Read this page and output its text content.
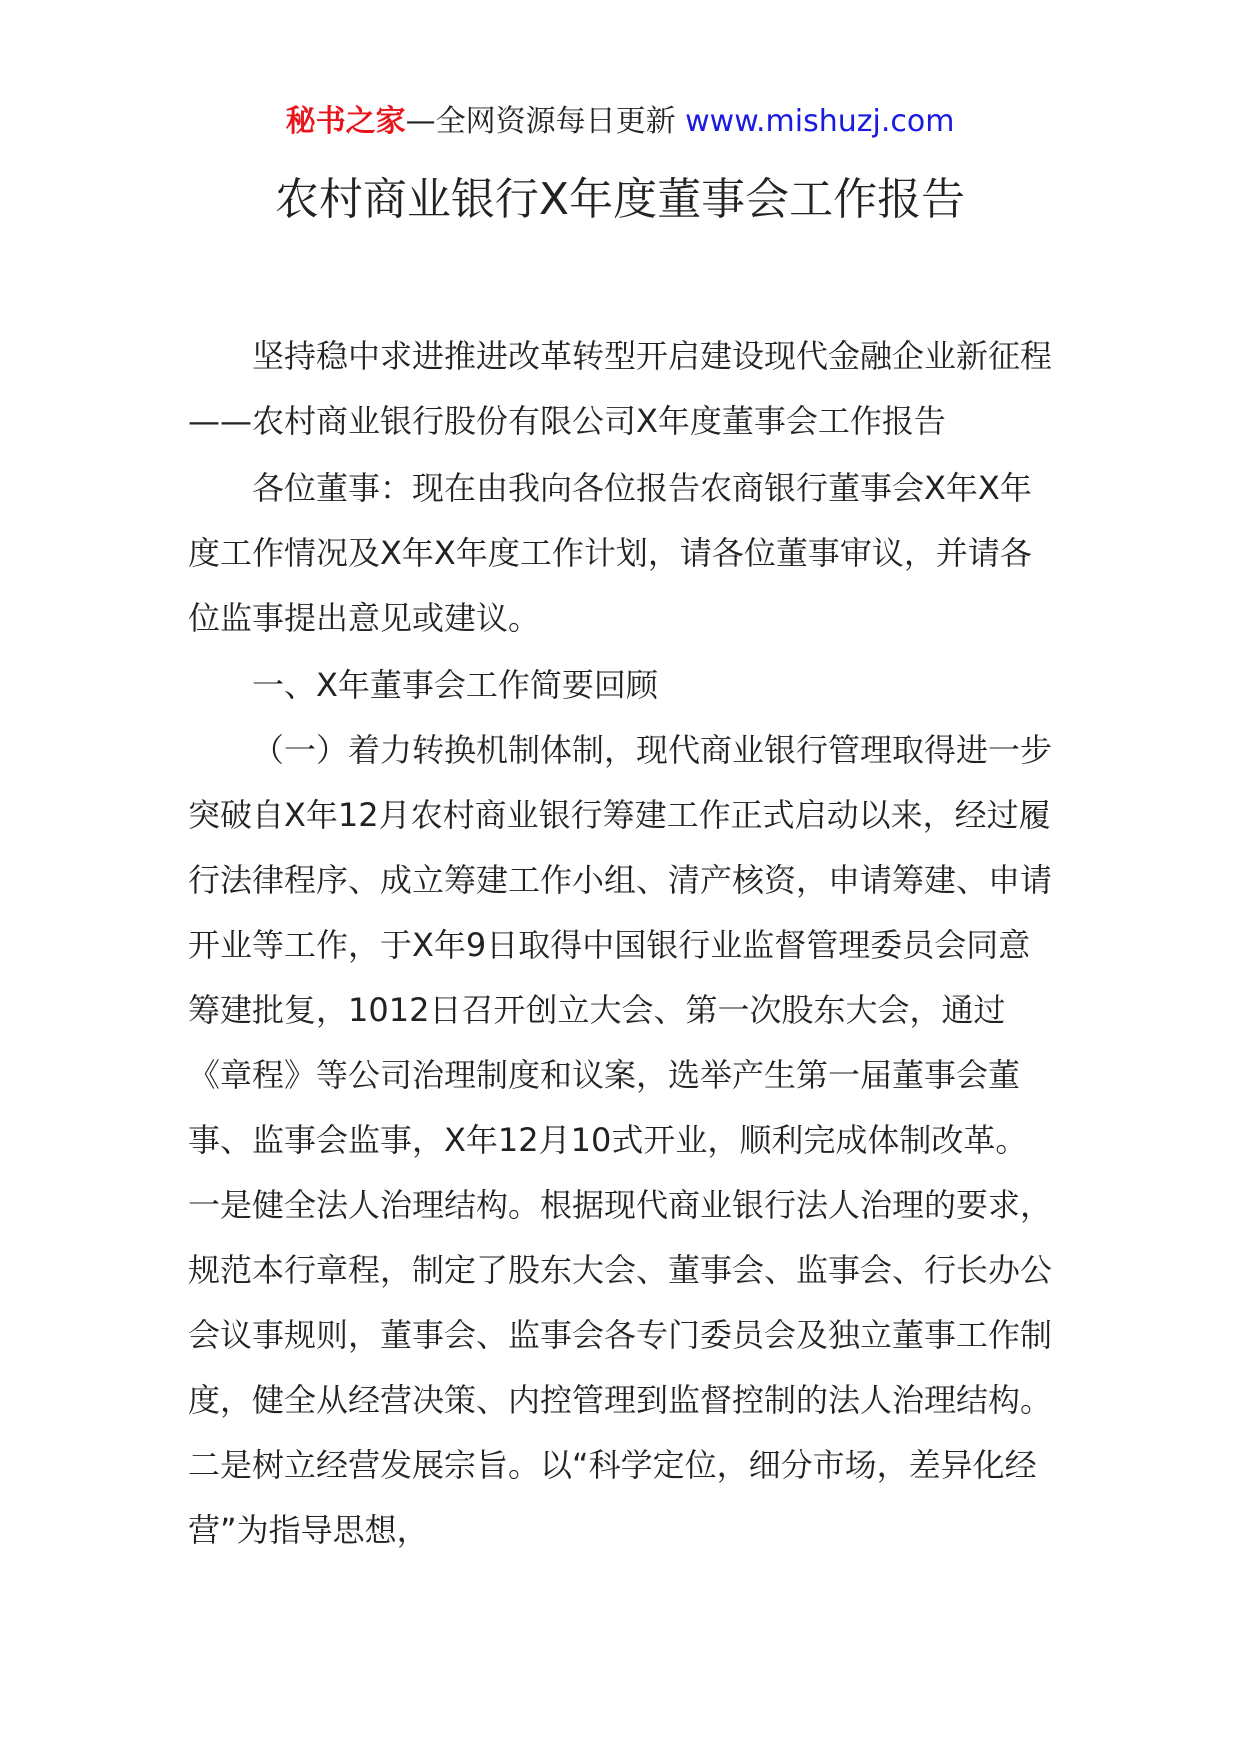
秘书之家—全网资源每日更新 www.mishuzj.com
农村商业银行X年度董事会工作报告

坚持稳中求进推进改革转型开启建设现代金融企业新征程——农村商业银行股份有限公司X年度董事会工作报告

各位董事：现在由我向各位报告农商银行董事会X年X年度工作情况及X年X年度工作计划，请各位董事审议，并请各位监事提出意见或建议。

一、X年董事会工作简要回顾

（一）着力转换机制体制，现代商业银行管理取得进一步突破自X年12月农村商业银行筹建工作正式启动以来，经过履行法律程序、成立筹建工作小组、清产核资，申请筹建、申请开业等工作，于X年9日取得中国银行业监督管理委员会同意筹建批复，1012日召开创立大会、第一次股东大会，通过《章程》等公司治理制度和议案，选举产生第一届董事会董事、监事会监事，X年12月10式开业，顺利完成体制改革。一是健全法人治理结构。根据现代商业银行法人治理的要求，规范本行章程，制定了股东大会、董事会、监事会、行长办公会议事规则，董事会、监事会各专门委员会及独立董事工作制度，健全从经营决策、内控管理到监督控制的法人治理结构。二是树立经营发展宗旨。以“科学定位，细分市场，差异化经营”为指导思想，
